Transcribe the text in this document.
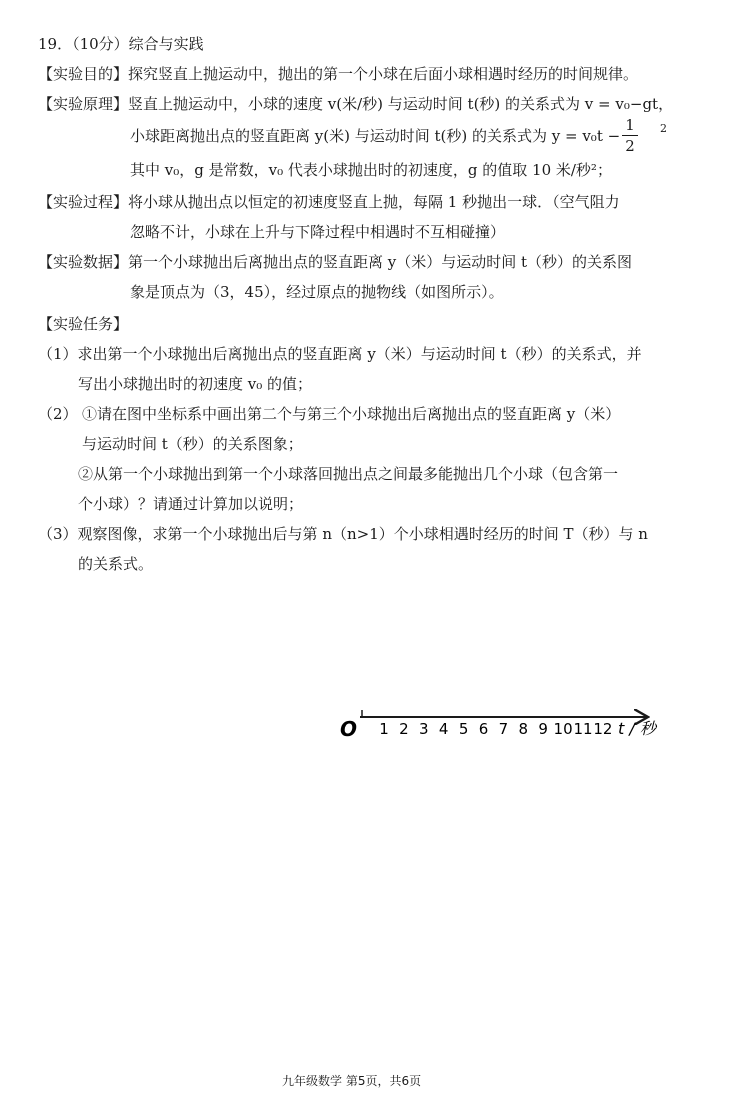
19．（10分）综合与实践
【实验目的】探究竖直上抛运动中，抛出的第一个小球在后面小球相遇时经历的时间规律。
【实验原理】竖直上抛运动中，小球的速度 v(米/秒) 与运动时间 t(秒) 的关系式为 v = v₀−gt，
小球距离抛出点的竖直距离 y(米) 与运动时间 t(秒) 的关系式为 y = v₀t −
1
2
2
其中 v₀，g 是常数，v₀ 代表小球抛出时的初速度，g 的值取 10 米/秒²；
【实验过程】将小球从抛出点以恒定的初速度竖直上抛，每隔 1 秒抛出一球．（空气阻力
忽略不计，小球在上升与下降过程中相遇时不互相碰撞）
【实验数据】第一个小球抛出后离抛出点的竖直距离 y（米）与运动时间 t（秒）的关系图
象是顶点为（3，45），经过原点的抛物线（如图所示）。
【实验任务】
（1）求出第一个小球抛出后离抛出点的竖直距离 y（米）与运动时间 t（秒）的关系式，并
写出小球抛出时的初速度 v₀ 的值；
（2） ①请在图中坐标系中画出第二个与第三个小球抛出后离抛出点的竖直距离 y（米）
与运动时间 t（秒）的关系图象；
②从第一个小球抛出到第一个小球落回抛出点之间最多能抛出几个小球（包含第一
个小球）？请通过计算加以说明；
（3）观察图像，求第一个小球抛出后与第 n（n>1）个小球相遇时经历的时间 T（秒）与 n
的关系式。
O 1 2 3 4 5 6 7 8 9 10 11 12 t / 秒
九年级数学 第5页，共6页
